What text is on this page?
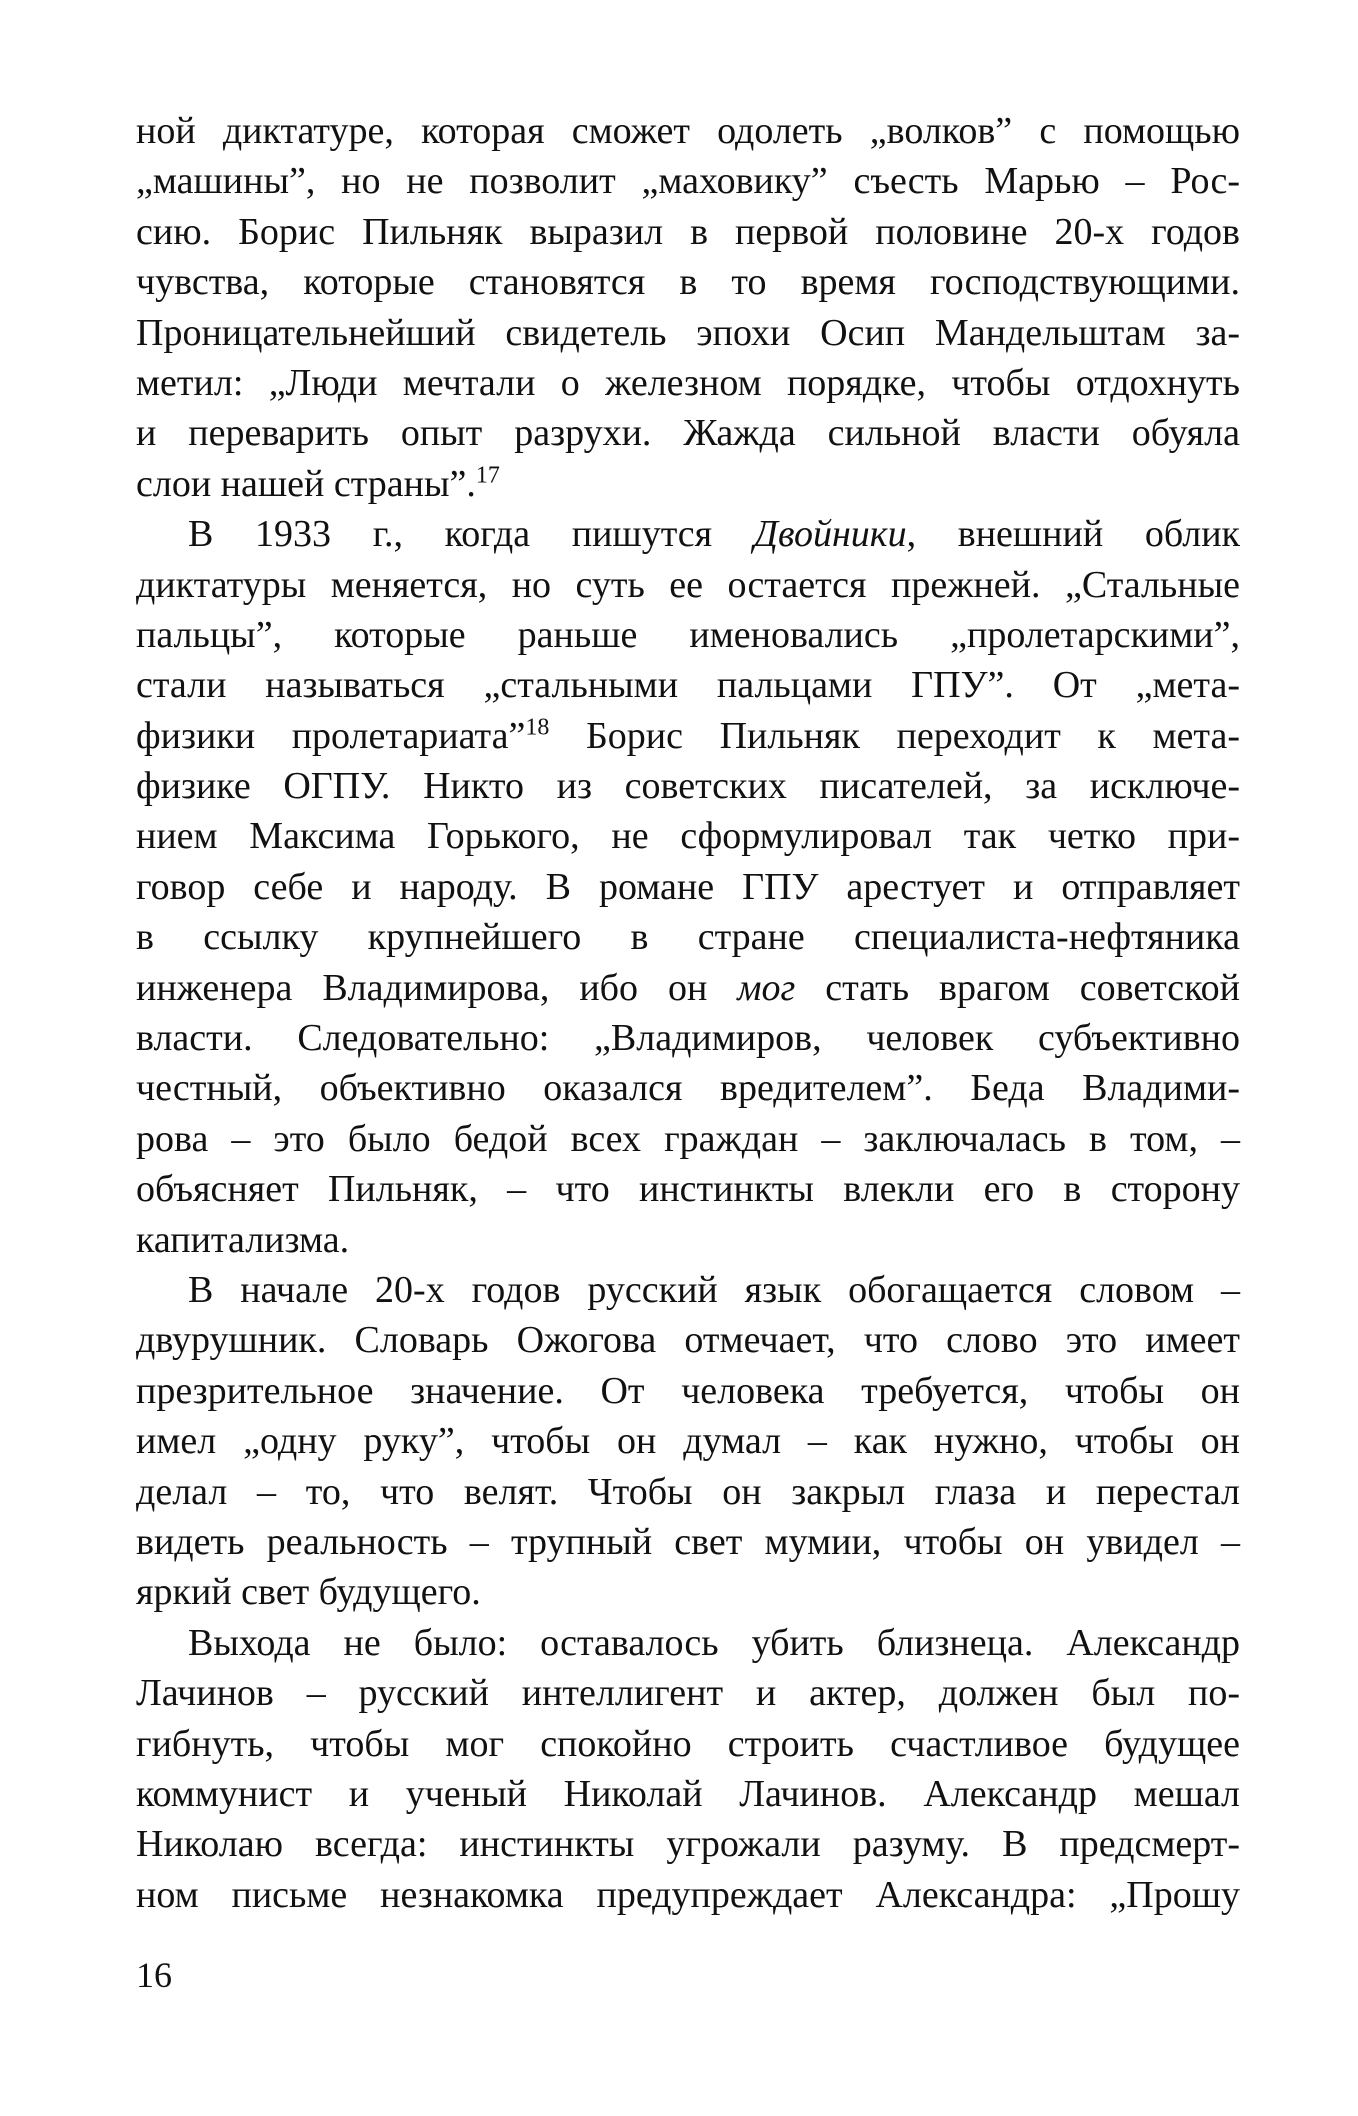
ной диктатуре, которая сможет одолеть „волков” с помощью
„машины”, но не позволит „маховику” съесть Марью – Рос-
сию. Борис Пильняк выразил в первой половине 20-х годов
чувства, которые становятся в то время господствующими.
Проницательнейший свидетель эпохи Осип Мандельштам за-
метил: „Люди мечтали о железном порядке, чтобы отдохнуть
и переварить опыт разрухи. Жажда сильной власти обуяла
слои нашей страны”.$^{17}$
В 1933 г., когда пишутся Двойники, внешний облик
диктатуры меняется, но суть ее остается прежней. „Стальные
пальцы”, которые раньше именовались „пролетарскими”,
стали называться „стальными пальцами ГПУ”. От „мета-
физики пролетариата”$^{18}$ Борис Пильняк переходит к мета-
физике ОГПУ. Никто из советских писателей, за исключе-
нием Максима Горького, не сформулировал так четко при-
говор себе и народу. В романе ГПУ арестует и отправляет
в ссылку крупнейшего в стране специалиста-нефтяника
инженера Владимирова, ибо он мог стать врагом советской
власти. Следовательно: „Владимиров, человек субъективно
честный, объективно оказался вредителем”. Беда Владими-
рова – это было бедой всех граждан – заключалась в том, –
объясняет Пильняк, – что инстинкты влекли его в сторону
капитализма.
В начале 20-х годов русский язык обогащается словом –
двурушник. Словарь Ожогова отмечает, что слово это имеет
презрительное значение. От человека требуется, чтобы он
имел „одну руку”, чтобы он думал – как нужно, чтобы он
делал – то, что велят. Чтобы он закрыл глаза и перестал
видеть реальность – трупный свет мумии, чтобы он увидел –
яркий свет будущего.
Выхода не было: оставалось убить близнеца. Александр
Лачинов – русский интеллигент и актер, должен был по-
гибнуть, чтобы мог спокойно строить счастливое будущее
коммунист и ученый Николай Лачинов. Александр мешал
Николаю всегда: инстинкты угрожали разуму. В предсмерт-
ном письме незнакомка предупреждает Александра: „Прошу
16
